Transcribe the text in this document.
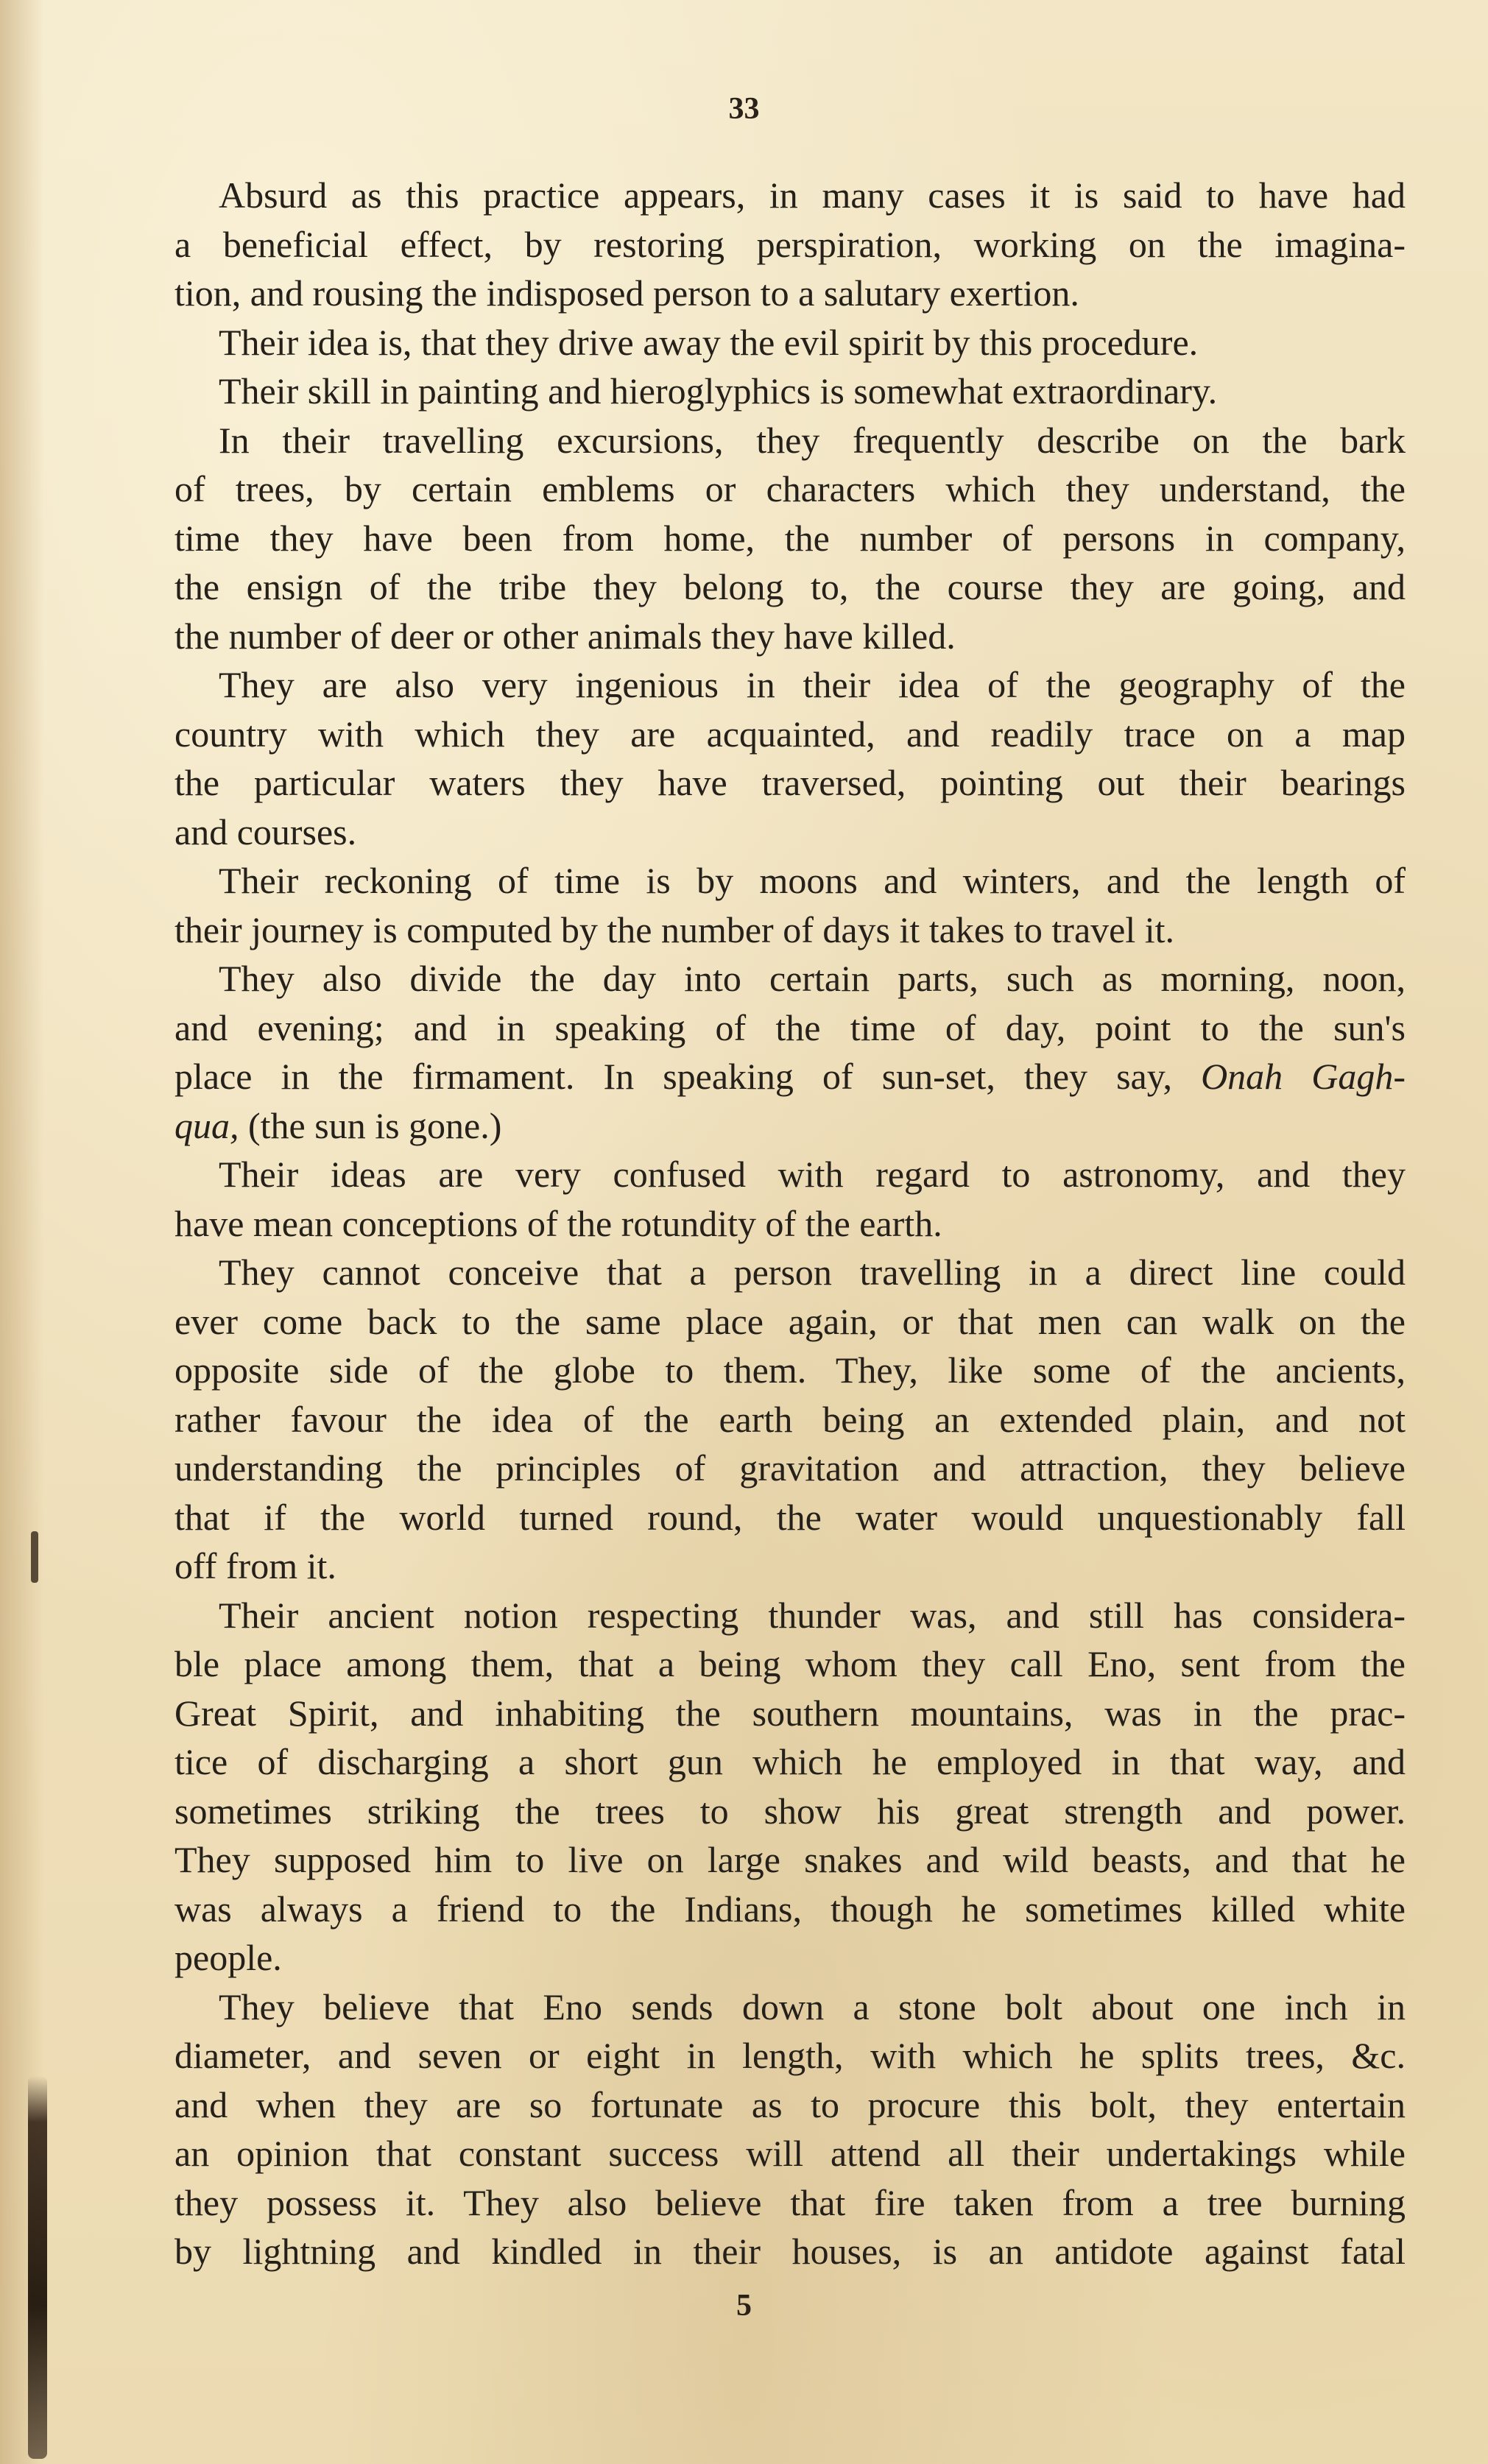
33

Absurd as this practice appears, in many cases it is said to have had
a beneficial effect, by restoring perspiration, working on the imagina-
tion, and rousing the indisposed person to a salutary exertion.

Their idea is, that they drive away the evil spirit by this procedure.

Their skill in painting and hieroglyphics is somewhat extraordinary.

In their travelling excursions, they frequently describe on the bark
of trees, by certain emblems or characters which they understand, the
time they have been from home, the number of persons in company,
the ensign of the tribe they belong to, the course they are going, and
the number of deer or other animals they have killed.

They are also very ingenious in their idea of the geography of the
country with which they are acquainted, and readily trace on a map
the particular waters they have traversed, pointing out their bearings
and courses.

Their reckoning of time is by moons and winters, and the length of
their journey is computed by the number of days it takes to travel it.

They also divide the day into certain parts, such as morning, noon,
and evening; and in speaking of the time of day, point to the sun's
place in the firmament. In speaking of sun-set, they say, Onah Gagh-
qua, (the sun is gone.)

Their ideas are very confused with regard to astronomy, and they
have mean conceptions of the rotundity of the earth.

They cannot conceive that a person travelling in a direct line could
ever come back to the same place again, or that men can walk on the
opposite side of the globe to them. They, like some of the ancients,
rather favour the idea of the earth being an extended plain, and not
understanding the principles of gravitation and attraction, they believe
that if the world turned round, the water would unquestionably fall
off from it.

Their ancient notion respecting thunder was, and still has considera-
ble place among them, that a being whom they call Eno, sent from the
Great Spirit, and inhabiting the southern mountains, was in the prac-
tice of discharging a short gun which he employed in that way, and
sometimes striking the trees to show his great strength and power.
They supposed him to live on large snakes and wild beasts, and that he
was always a friend to the Indians, though he sometimes killed white
people.

They believe that Eno sends down a stone bolt about one inch in
diameter, and seven or eight in length, with which he splits trees, &c.
and when they are so fortunate as to procure this bolt, they entertain
an opinion that constant success will attend all their undertakings while
they possess it. They also believe that fire taken from a tree burning
by lightning and kindled in their houses, is an antidote against fatal

5
